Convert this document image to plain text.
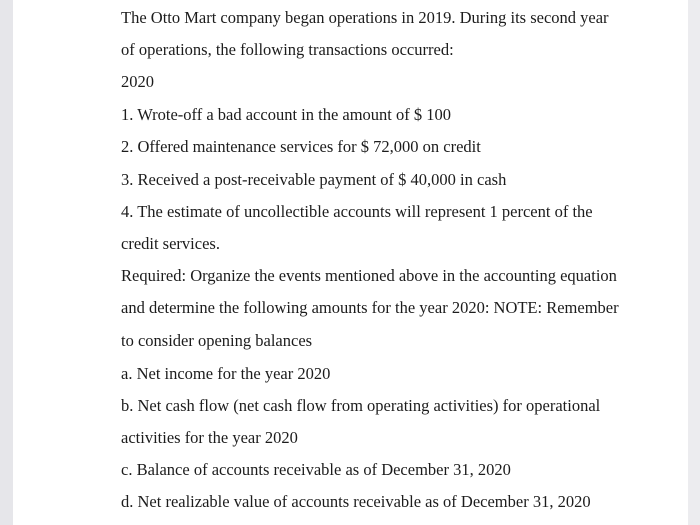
The Otto Mart company began operations in 2019. During its second year

of operations, the following transactions occurred:

2020

1. Wrote-off a bad account in the amount of $ 100

2. Offered maintenance services for $ 72,000 on credit

3. Received a post-receivable payment of $ 40,000 in cash

4. The estimate of uncollectible accounts will represent 1 percent of the

credit services.

Required: Organize the events mentioned above in the accounting equation

and determine the following amounts for the year 2020: NOTE: Remember

to consider opening balances

a. Net income for the year 2020

b. Net cash flow (net cash flow from operating activities) for operational

activities for the year 2020

c. Balance of accounts receivable as of December 31, 2020

d. Net realizable value of accounts receivable as of December 31, 2020
